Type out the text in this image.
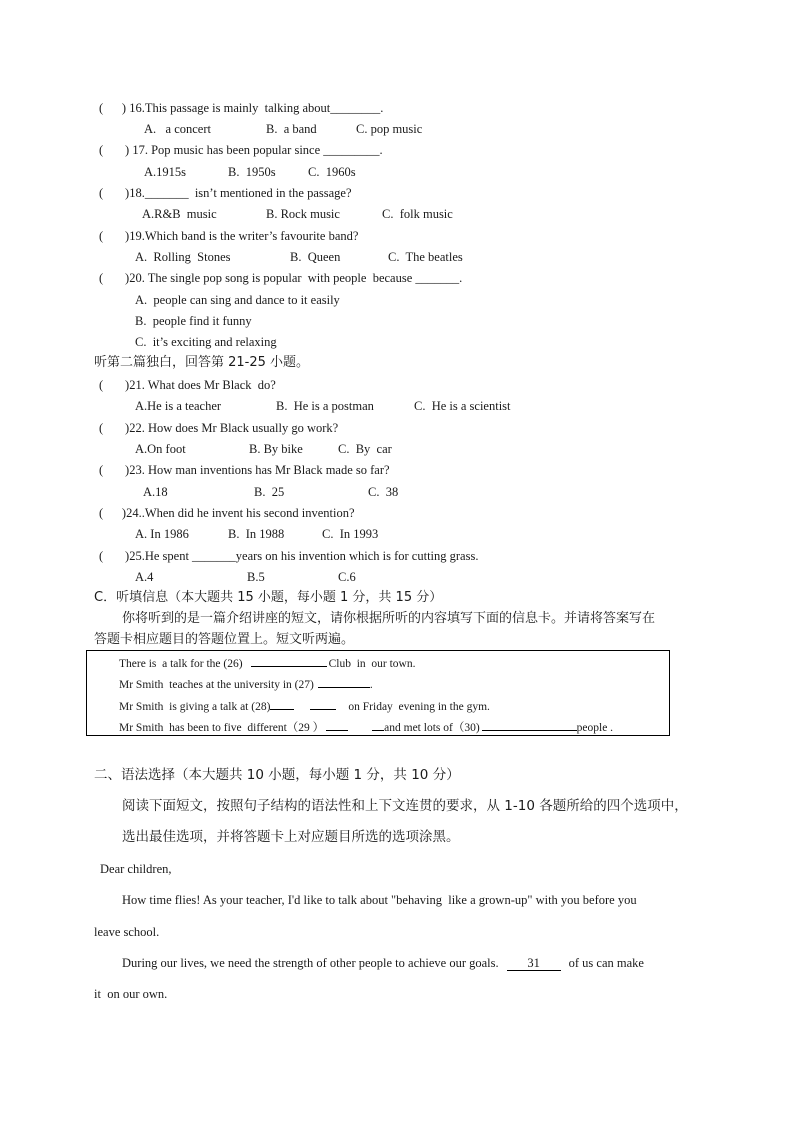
(      ) 16.This passage is mainly  talking about________.
A.   a concert	B.  a band	C. pop music
(       ) 17. Pop music has been popular since _________.
A.1915s	B.  1950s	C.  1960s
(       )18._______  isn’t mentioned in the passage?
A.R&B  music	B. Rock music	C.  folk music
(       )19.Which band is the writer’s favourite band?
A.  Rolling  Stones	B.  Queen	C.  The beatles
(       )20. The single pop song is popular  with people  because _______.
A.  people can sing and dance to it easily
B.  people find it funny
C.  it’s exciting and relaxing
听第二篇独白，回答第 21-25 小题。
(       )21. What does Mr Black  do?
A.He is a teacher	B.  He is a postman	C.  He is a scientist
(       )22. How does Mr Black usually go work?
A.On foot	B. By bike	C.  By  car
(       )23. How man inventions has Mr Black made so far?
A.18	B.  25	C.  38
(      )24..When did he invent his second invention?
A. In 1986	B.  In 1988	C.  In 1993
(       )25.He spent _______years on his invention which is for cutting grass.
A.4	B.5	C.6
C．听填信息（本大题共 15 小题，每小题 1 分，共 15 分）
你将听到的是一篇介绍讲座的短文，请你根据所听的内容填写下面的信息卡。并请将答案写在
答题卡相应题目的答题位置上。短文听两遍。
There is  a talk for the (26)	Club  in  our town.
Mr Smith  teaches at the university in (27)	.
Mr Smith  is giving a talk at (28)	on Friday  evening in the gym.
Mr Smith  has been to five  different（29 ）	and met lots of（30)	people .
二、语法选择（本大题共 10 小题，每小题 1 分，共 10 分）
阅读下面短文，按照句子结构的语法性和上下文连贯的要求，从 1-10 各题所给的四个选项中，
选出最佳选项，并将答题卡上对应题目所选的选项涂黑。
Dear children,
How time flies! As your teacher, I'd like to talk about "behaving  like a grown-up" with you before you
leave school.
During our lives, we need the strength of other people to achieve our goals. 31 of us can make
it  on our own.
